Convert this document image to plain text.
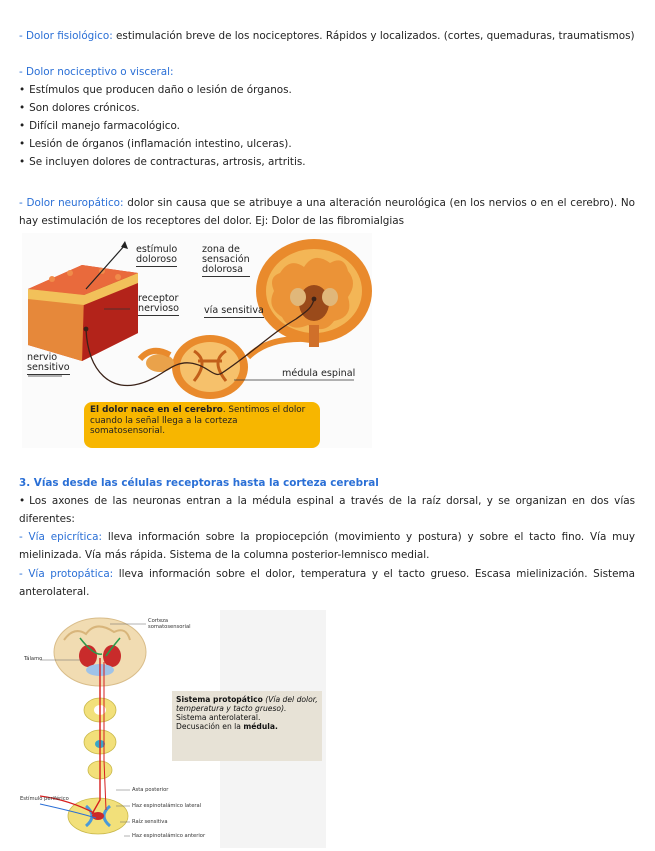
- Dolor fisiológico: estimulación breve de los nociceptores. Rápidos y localizados. (cortes, quemaduras, traumatismos)
- Dolor nociceptivo o visceral:
• Estímulos que producen daño o lesión de órganos.
• Son dolores crónicos.
• Difícil manejo farmacológico.
• Lesión de órganos (inflamación intestino, ulceras).
• Se incluyen dolores de contracturas, artrosis, artritis.
- Dolor neuropático: dolor sin causa que se atribuye a una alteración neurológica (en los nervios o en el cerebro). No hay estimulación de los receptores del dolor. Ej: Dolor de las fibromialgias
estímulo
doloroso
zona de
sensación
dolorosa
receptor
nervioso	vía sensitiva
nervio
sensitivo
médula espinal
El dolor nace en el cerebro. Sentimos el dolor cuando la señal llega a la corteza somatosensorial.
3. Vías desde las células receptoras hasta la corteza cerebral
• Los axones de las neuronas entran a la médula espinal a través de la raíz dorsal, y se organizan en dos vías diferentes:
- Vía epicrítica: lleva información sobre la propiocepción (movimiento y postura) y sobre el tacto fino. Vía muy mielinizada. Vía más rápida. Sistema de la columna posterior-lemnisco medial.
- Vía protopática: lleva información sobre el dolor, temperatura y el tacto grueso. Escasa mielinización. Sistema anterolateral.
Corteza
somatosensorial
Tálamo
Asta posterior
Haz espinotalámico lateral
Estímulo periférico
Raíz sensitiva
Haz espinotalámico anterior
Sistema protopático (Vía del dolor, temperatura y tacto grueso).
Sistema anterolateral.
Decusación en la médula.
